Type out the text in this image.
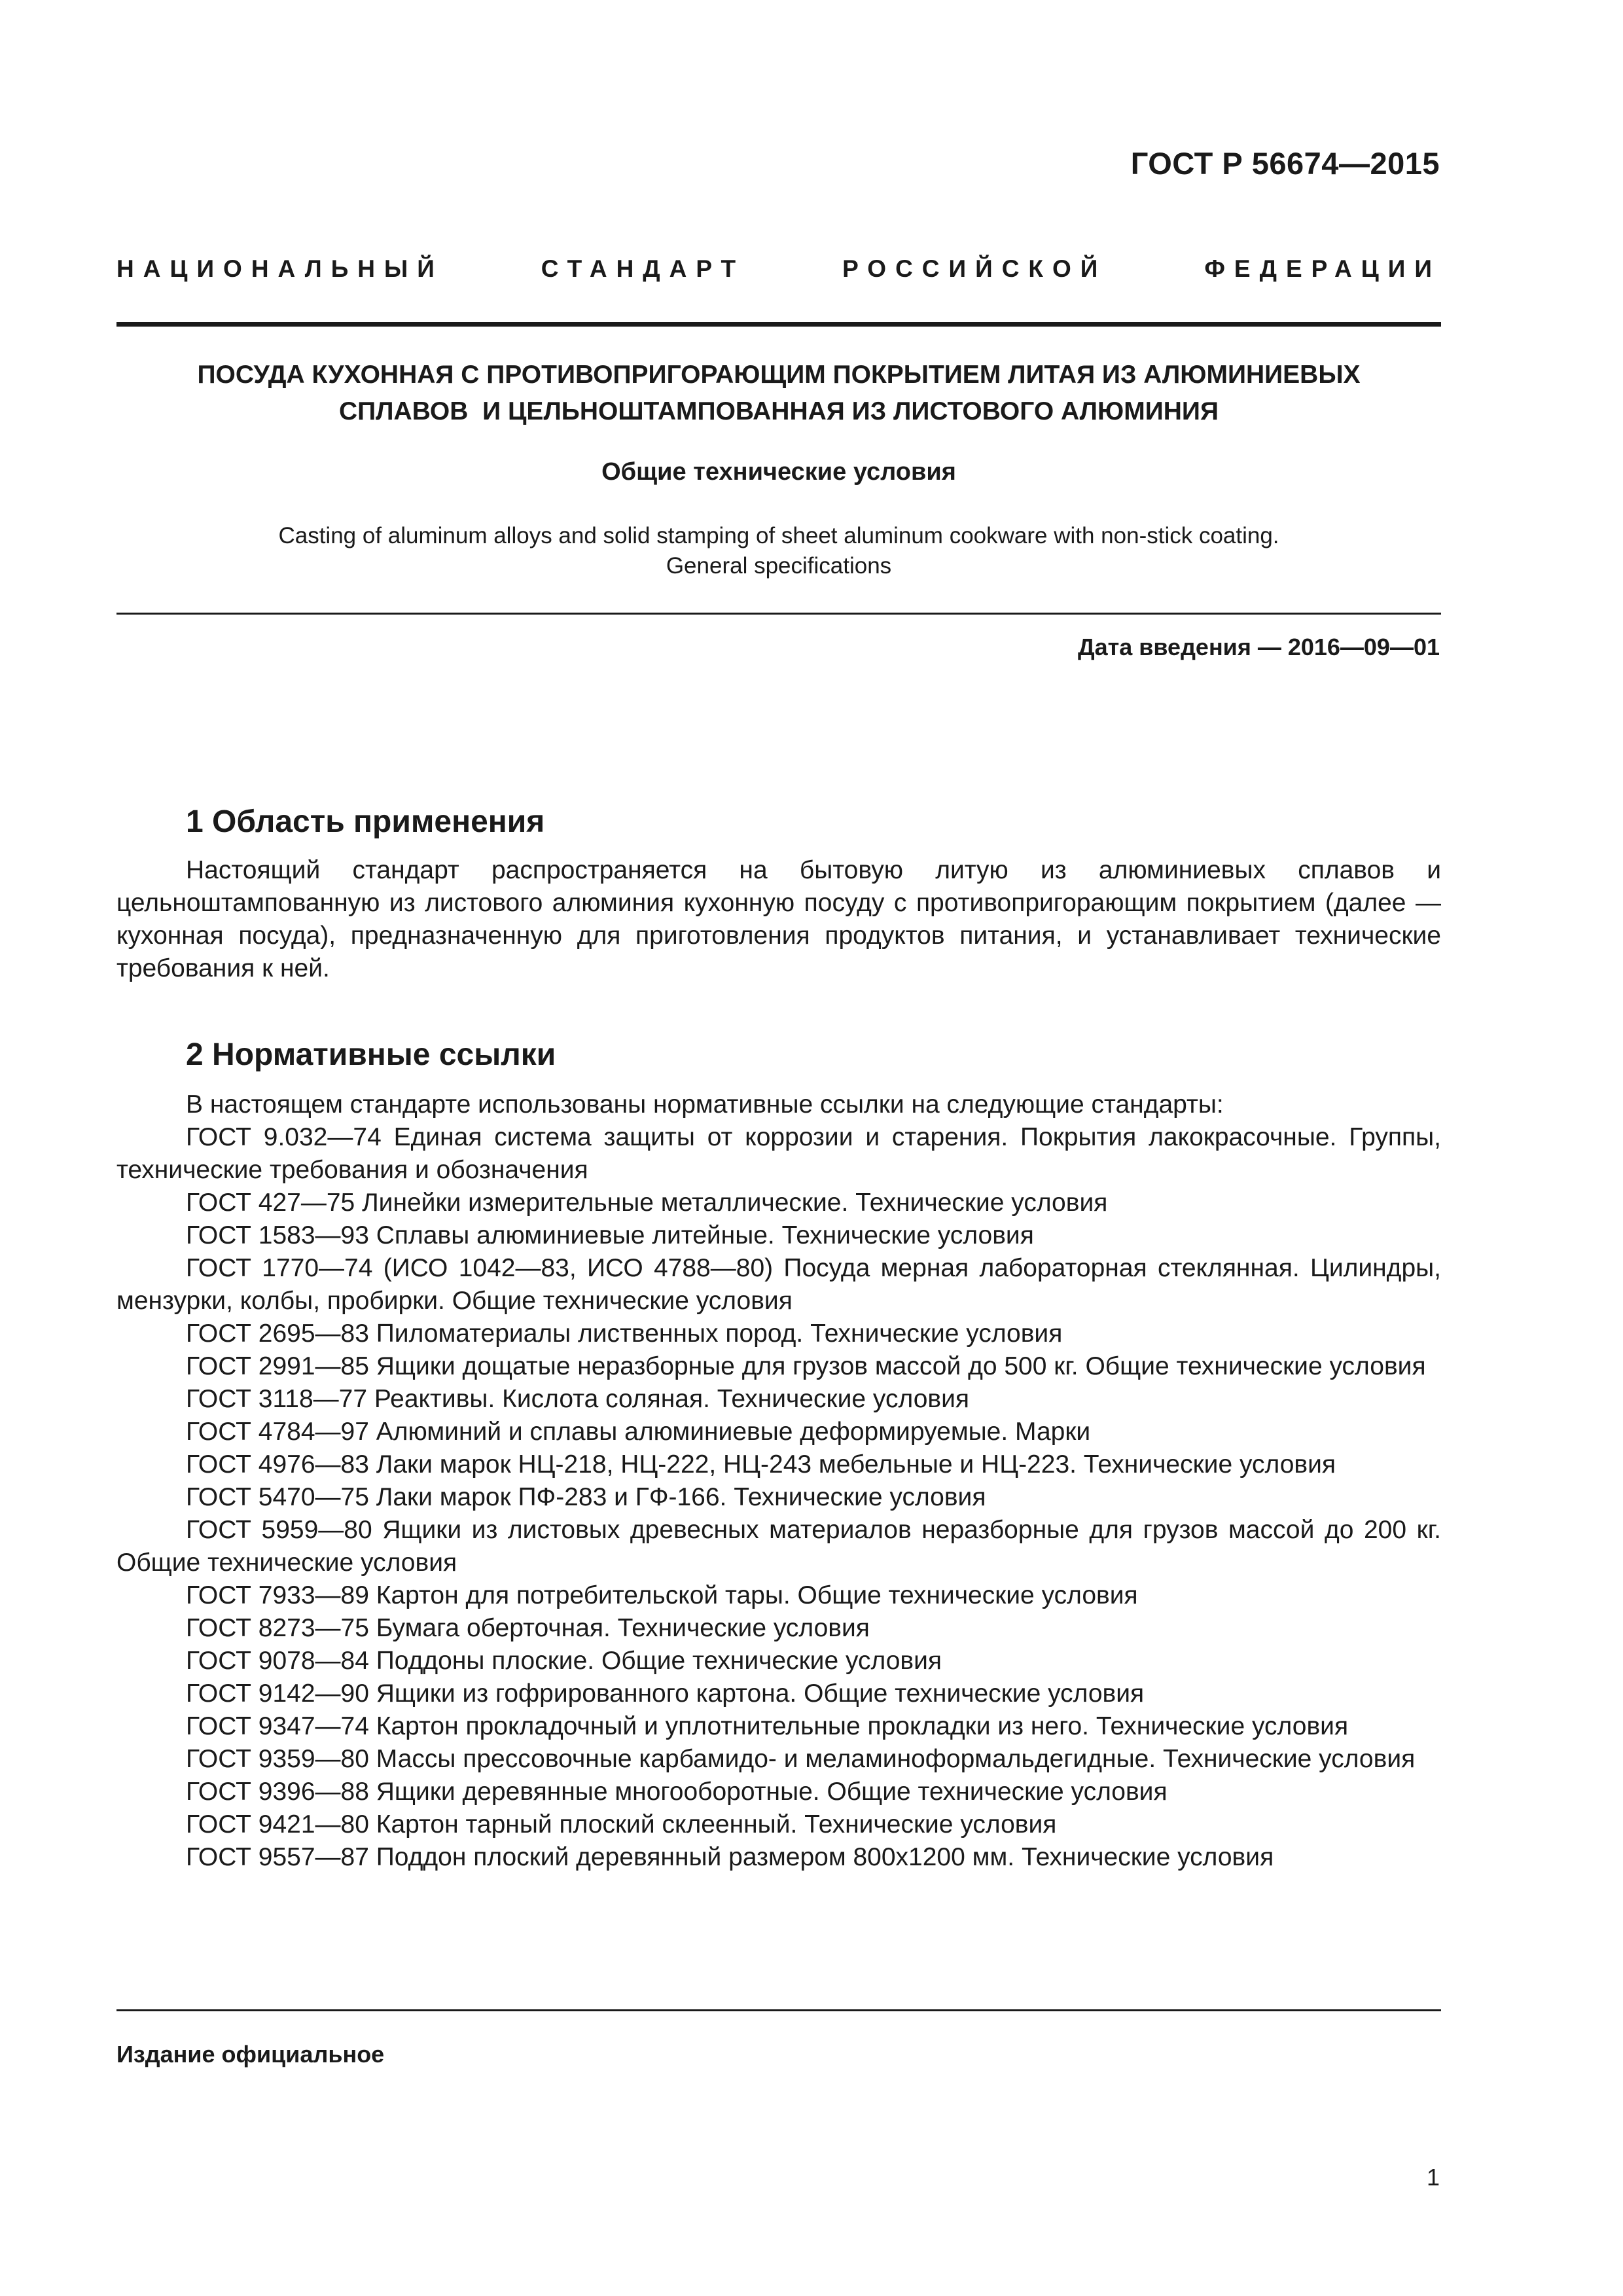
ГОСТ Р 56674—2015
НАЦИОНАЛЬНЫЙ СТАНДАРТ РОССИЙСКОЙ ФЕДЕРАЦИИ
ПОСУДА КУХОННАЯ С ПРОТИВОПРИГОРАЮЩИМ ПОКРЫТИЕМ ЛИТАЯ ИЗ АЛЮМИНИЕВЫХ
СПЛАВОВ  И ЦЕЛЬНОШТАМПОВАННАЯ ИЗ ЛИСТОВОГО АЛЮМИНИЯ
Общие технические условия
Casting of aluminum alloys and solid stamping of sheet aluminum cookware with non-stick coating.
General specifications
Дата введения — 2016—09—01
1 Область применения

Настоящий стандарт распространяется на бытовую литую из алюминиевых сплавов и цельноштампованную из листового алюминия кухонную посуду с противопригорающим покрытием (далее — кухонная посуда), предназначенную для приготовления продуктов питания, и устанавливает технические требования к ней.

2 Нормативные ссылки

В настоящем стандарте использованы нормативные ссылки на следующие стандарты:

ГОСТ 9.032—74 Единая система защиты от коррозии и старения. Покрытия лакокрасочные. Группы, технические требования и обозначения
ГОСТ 427—75 Линейки измерительные металлические. Технические условия
ГОСТ 1583—93 Сплавы алюминиевые литейные. Технические условия
ГОСТ 1770—74 (ИСО 1042—83, ИСО 4788—80) Посуда мерная лабораторная стеклянная. Цилиндры, мензурки, колбы, пробирки. Общие технические условия
ГОСТ 2695—83 Пиломатериалы лиственных пород. Технические условия
ГОСТ 2991—85 Ящики дощатые неразборные для грузов массой до 500 кг. Общие технические условия
ГОСТ 3118—77 Реактивы. Кислота соляная. Технические условия
ГОСТ 4784—97 Алюминий и сплавы алюминиевые деформируемые. Марки
ГОСТ 4976—83 Лаки марок НЦ-218, НЦ-222, НЦ-243 мебельные и НЦ-223. Технические условия
ГОСТ 5470—75 Лаки марок ПФ-283 и ГФ-166. Технические условия
ГОСТ 5959—80 Ящики из листовых древесных материалов неразборные для грузов массой до 200 кг. Общие технические условия
ГОСТ 7933—89 Картон для потребительской тары. Общие технические условия
ГОСТ 8273—75 Бумага оберточная. Технические условия
ГОСТ 9078—84 Поддоны плоские. Общие технические условия
ГОСТ 9142—90 Ящики из гофрированного картона. Общие технические условия
ГОСТ 9347—74 Картон прокладочный и уплотнительные прокладки из него. Технические условия
ГОСТ 9359—80 Массы прессовочные карбамидо- и меламиноформальдегидные. Технические условия
ГОСТ 9396—88 Ящики деревянные многооборотные. Общие технические условия
ГОСТ 9421—80 Картон тарный плоский склеенный. Технические условия
ГОСТ 9557—87 Поддон плоский деревянный размером 800x1200 мм. Технические условия
Издание официальное
1
